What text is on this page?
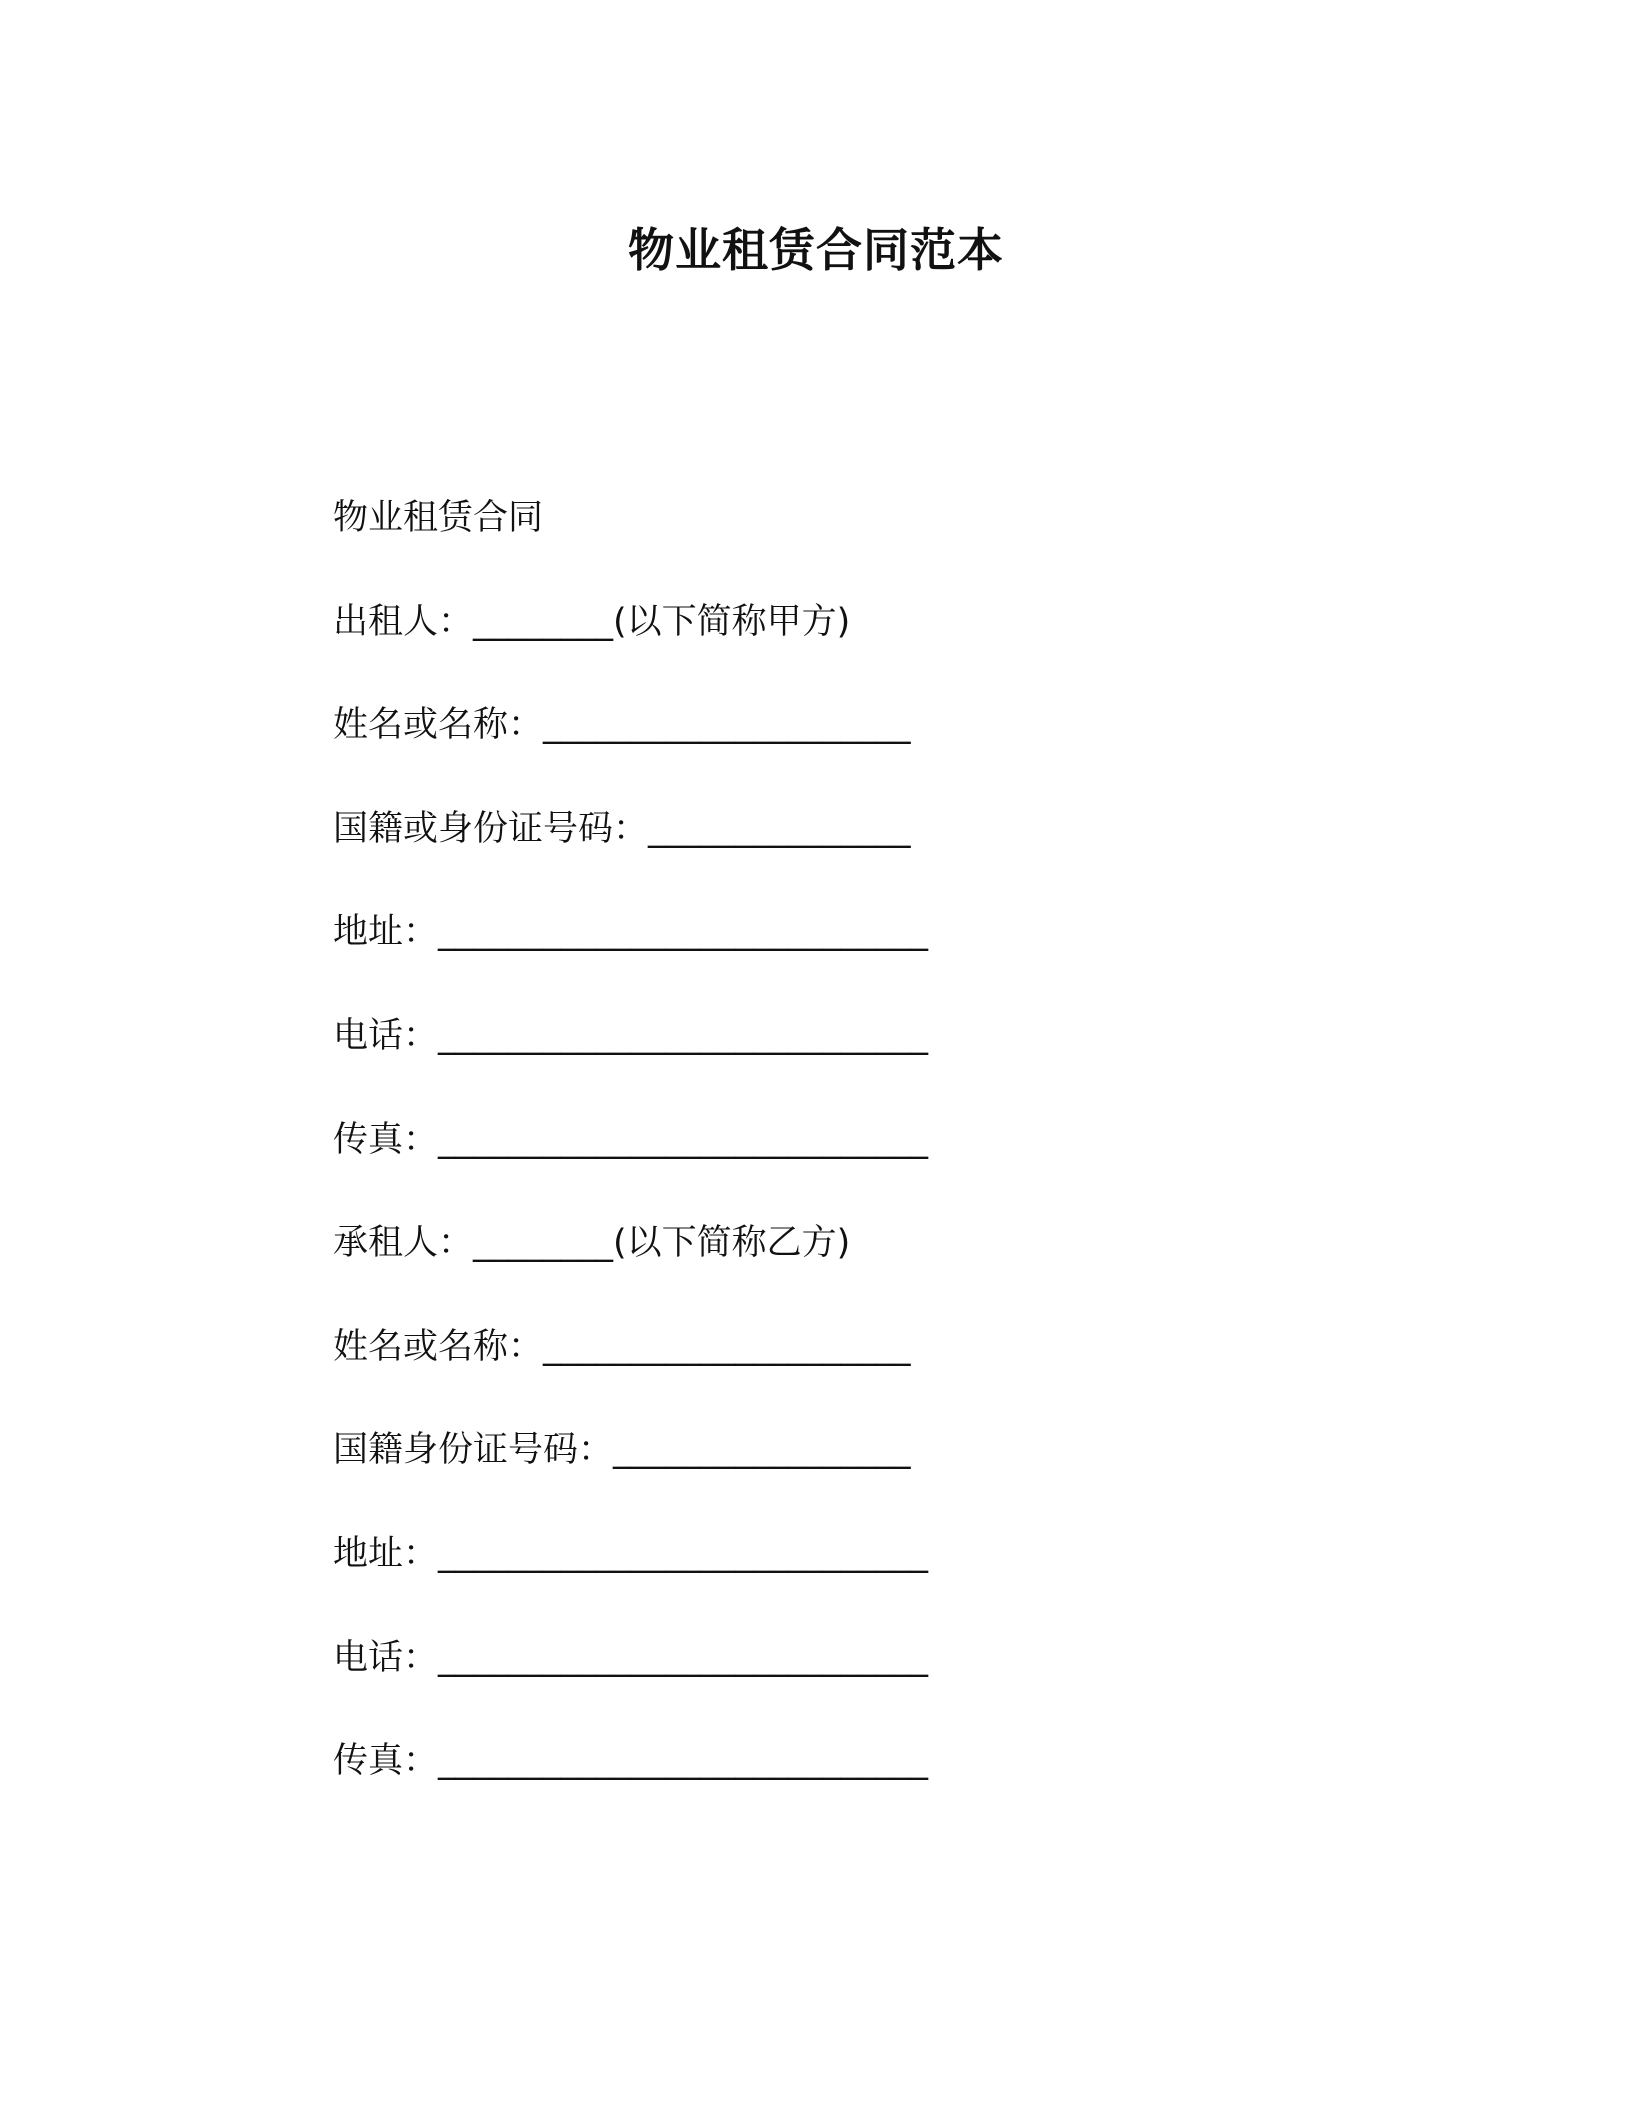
物业租赁合同范本
物业租赁合同
出租人：________(以下简称甲方)
姓名或名称：_____________________
国籍或身份证号码：_______________
地址：____________________________
电话：____________________________
传真：____________________________
承租人：________(以下简称乙方)
姓名或名称：_____________________
国籍身份证号码：_________________
地址：____________________________
电话：____________________________
传真：____________________________
